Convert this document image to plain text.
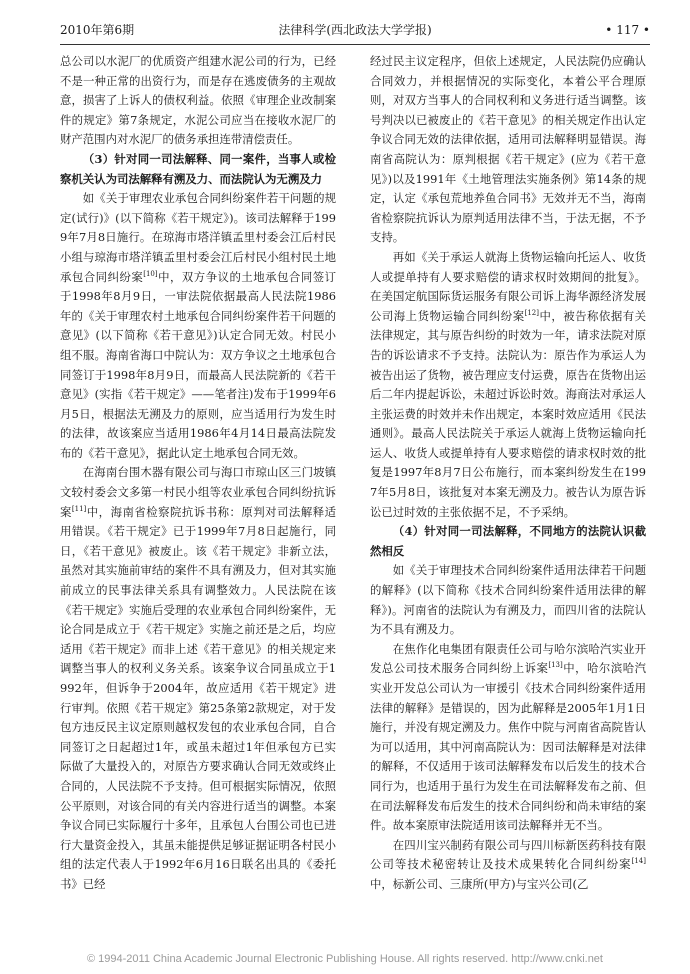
2010年第6期	法律科学(西北政法大学学报)	• 117 •

总公司以水泥厂的优质资产组建水泥公司的行为，已经不是一种正常的出资行为，而是存在逃废债务的主观故意，损害了上诉人的债权利益。依照《审理企业改制案件的规定》第7条规定，水泥公司应当在接收水泥厂的财产范围内对水泥厂的债务承担连带清偿责任。

（3）针对同一司法解释、同一案件，当事人或检察机关认为司法解释有溯及力、而法院认为无溯及力

如《关于审理农业承包合同纠纷案件若干问题的规定(试行)》(以下简称《若干规定》)。该司法解释于1999年7月8日施行。在琼海市塔洋镇孟里村委会江后村民小组与琼海市塔洋镇孟里村委会江后村民小组村民土地承包合同纠纷案[10]中，双方争议的土地承包合同签订于1998年8月9日，一审法院依据最高人民法院1986年的《关于审理农村土地承包合同纠纷案件若干问题的意见》(以下简称《若干意见》)认定合同无效。村民小组不服。海南省海口中院认为：双方争议之土地承包合同签订于1998年8月9日，而最高人民法院新的《若干意见》(实指《若干规定》——笔者注)发布于1999年6月5日，根据法无溯及力的原则，应当适用行为发生时的法律，故该案应当适用1986年4月14日最高法院发布的《若干意见》，据此认定土地承包合同无效。

在海南台围木器有限公司与海口市琼山区三门坡镇文较村委会文多第一村民小组等农业承包合同纠纷抗诉案[11]中，海南省检察院抗诉书称：原判对司法解释适用错误。《若干规定》已于1999年7月8日起施行，同日，《若干意见》被废止。该《若干规定》非新立法，虽然对其实施前审结的案件不具有溯及力，但对其实施前成立的民事法律关系具有调整效力。人民法院在该《若干规定》实施后受理的农业承包合同纠纷案件，无论合同是成立于《若干规定》实施之前还是之后，均应适用《若干规定》而非上述《若干意见》的相关规定来调整当事人的权利义务关系。该案争议合同虽成立于1992年，但诉争于2004年，故应适用《若干规定》进行审判。依照《若干规定》第25条第2款规定，对于发包方违反民主议定原则越权发包的农业承包合同，自合同签订之日起超过1年，或虽未超过1年但承包方已实际做了大量投入的，对原告方要求确认合同无效或终止合同的，人民法院不予支持。但可根据实际情况，依照公平原则，对该合同的有关内容进行适当的调整。本案争议合同已实际履行十多年，且承包人台围公司也已进行大量资金投入，其虽未能提供足够证据证明各村民小组的法定代表人于1992年6月16日联名出具的《委托书》已经

经过民主议定程序，但依上述规定，人民法院仍应确认合同效力，并根据情况的实际变化，本着公平合理原则，对双方当事人的合同权利和义务进行适当调整。该号判决以已被废止的《若干意见》的相关规定作出认定争议合同无效的法律依据，适用司法解释明显错误。海南省高院认为：原判根据《若干规定》(应为《若干意见》)以及1991年《土地管理法实施条例》第14条的规定，认定《承包荒地养鱼合同书》无效并无不当，海南省检察院抗诉认为原判适用法律不当，于法无据，不予支持。

再如《关于承运人就海上货物运输向托运人、收货人或提单持有人要求赔偿的请求权时效期间的批复》。在美国定航国际货运服务有限公司诉上海华源经济发展公司海上货物运输合同纠纷案[12]中，被告称依据有关法律规定，其与原告纠纷的时效为一年，请求法院对原告的诉讼请求不予支持。法院认为：原告作为承运人为被告出运了货物，被告理应支付运费，原告在货物出运后二年内提起诉讼，未超过诉讼时效。海商法对承运人主张运费的时效并未作出规定，本案时效应适用《民法通则》。最高人民法院关于承运人就海上货物运输向托运人、收货人或提单持有人要求赔偿的请求权时效的批复是1997年8月7日公布施行，而本案纠纷发生在1997年5月8日，该批复对本案无溯及力。被告认为原告诉讼已过时效的主张依据不足，不予采纳。

（4）针对同一司法解释，不同地方的法院认识截然相反

如《关于审理技术合同纠纷案件适用法律若干问题的解释》(以下简称《技术合同纠纷案件适用法律的解释》)。河南省的法院认为有溯及力，而四川省的法院认为不具有溯及力。

在焦作化电集团有限责任公司与哈尔滨哈汽实业开发总公司技术服务合同纠纷上诉案[13]中，哈尔滨哈汽实业开发总公司认为一审援引《技术合同纠纷案件适用法律的解释》是错误的，因为此解释是2005年1月1日施行，并没有规定溯及力。焦作中院与河南省高院皆认为可以适用，其中河南高院认为：因司法解释是对法律的解释，不仅适用于该司法解释发布以后发生的技术合同行为，也适用于虽行为发生在司法解释发布之前、但在司法解释发布后发生的技术合同纠纷和尚未审结的案件。故本案原审法院适用该司法解释并无不当。

在四川宝兴制药有限公司与四川标新医药科技有限公司等技术秘密转让及技术成果转化合同纠纷案[14]中，标新公司、三康所(甲方)与宝兴公司(乙

© 1994-2011 China Academic Journal Electronic Publishing House. All rights reserved. http://www.cnki.net
